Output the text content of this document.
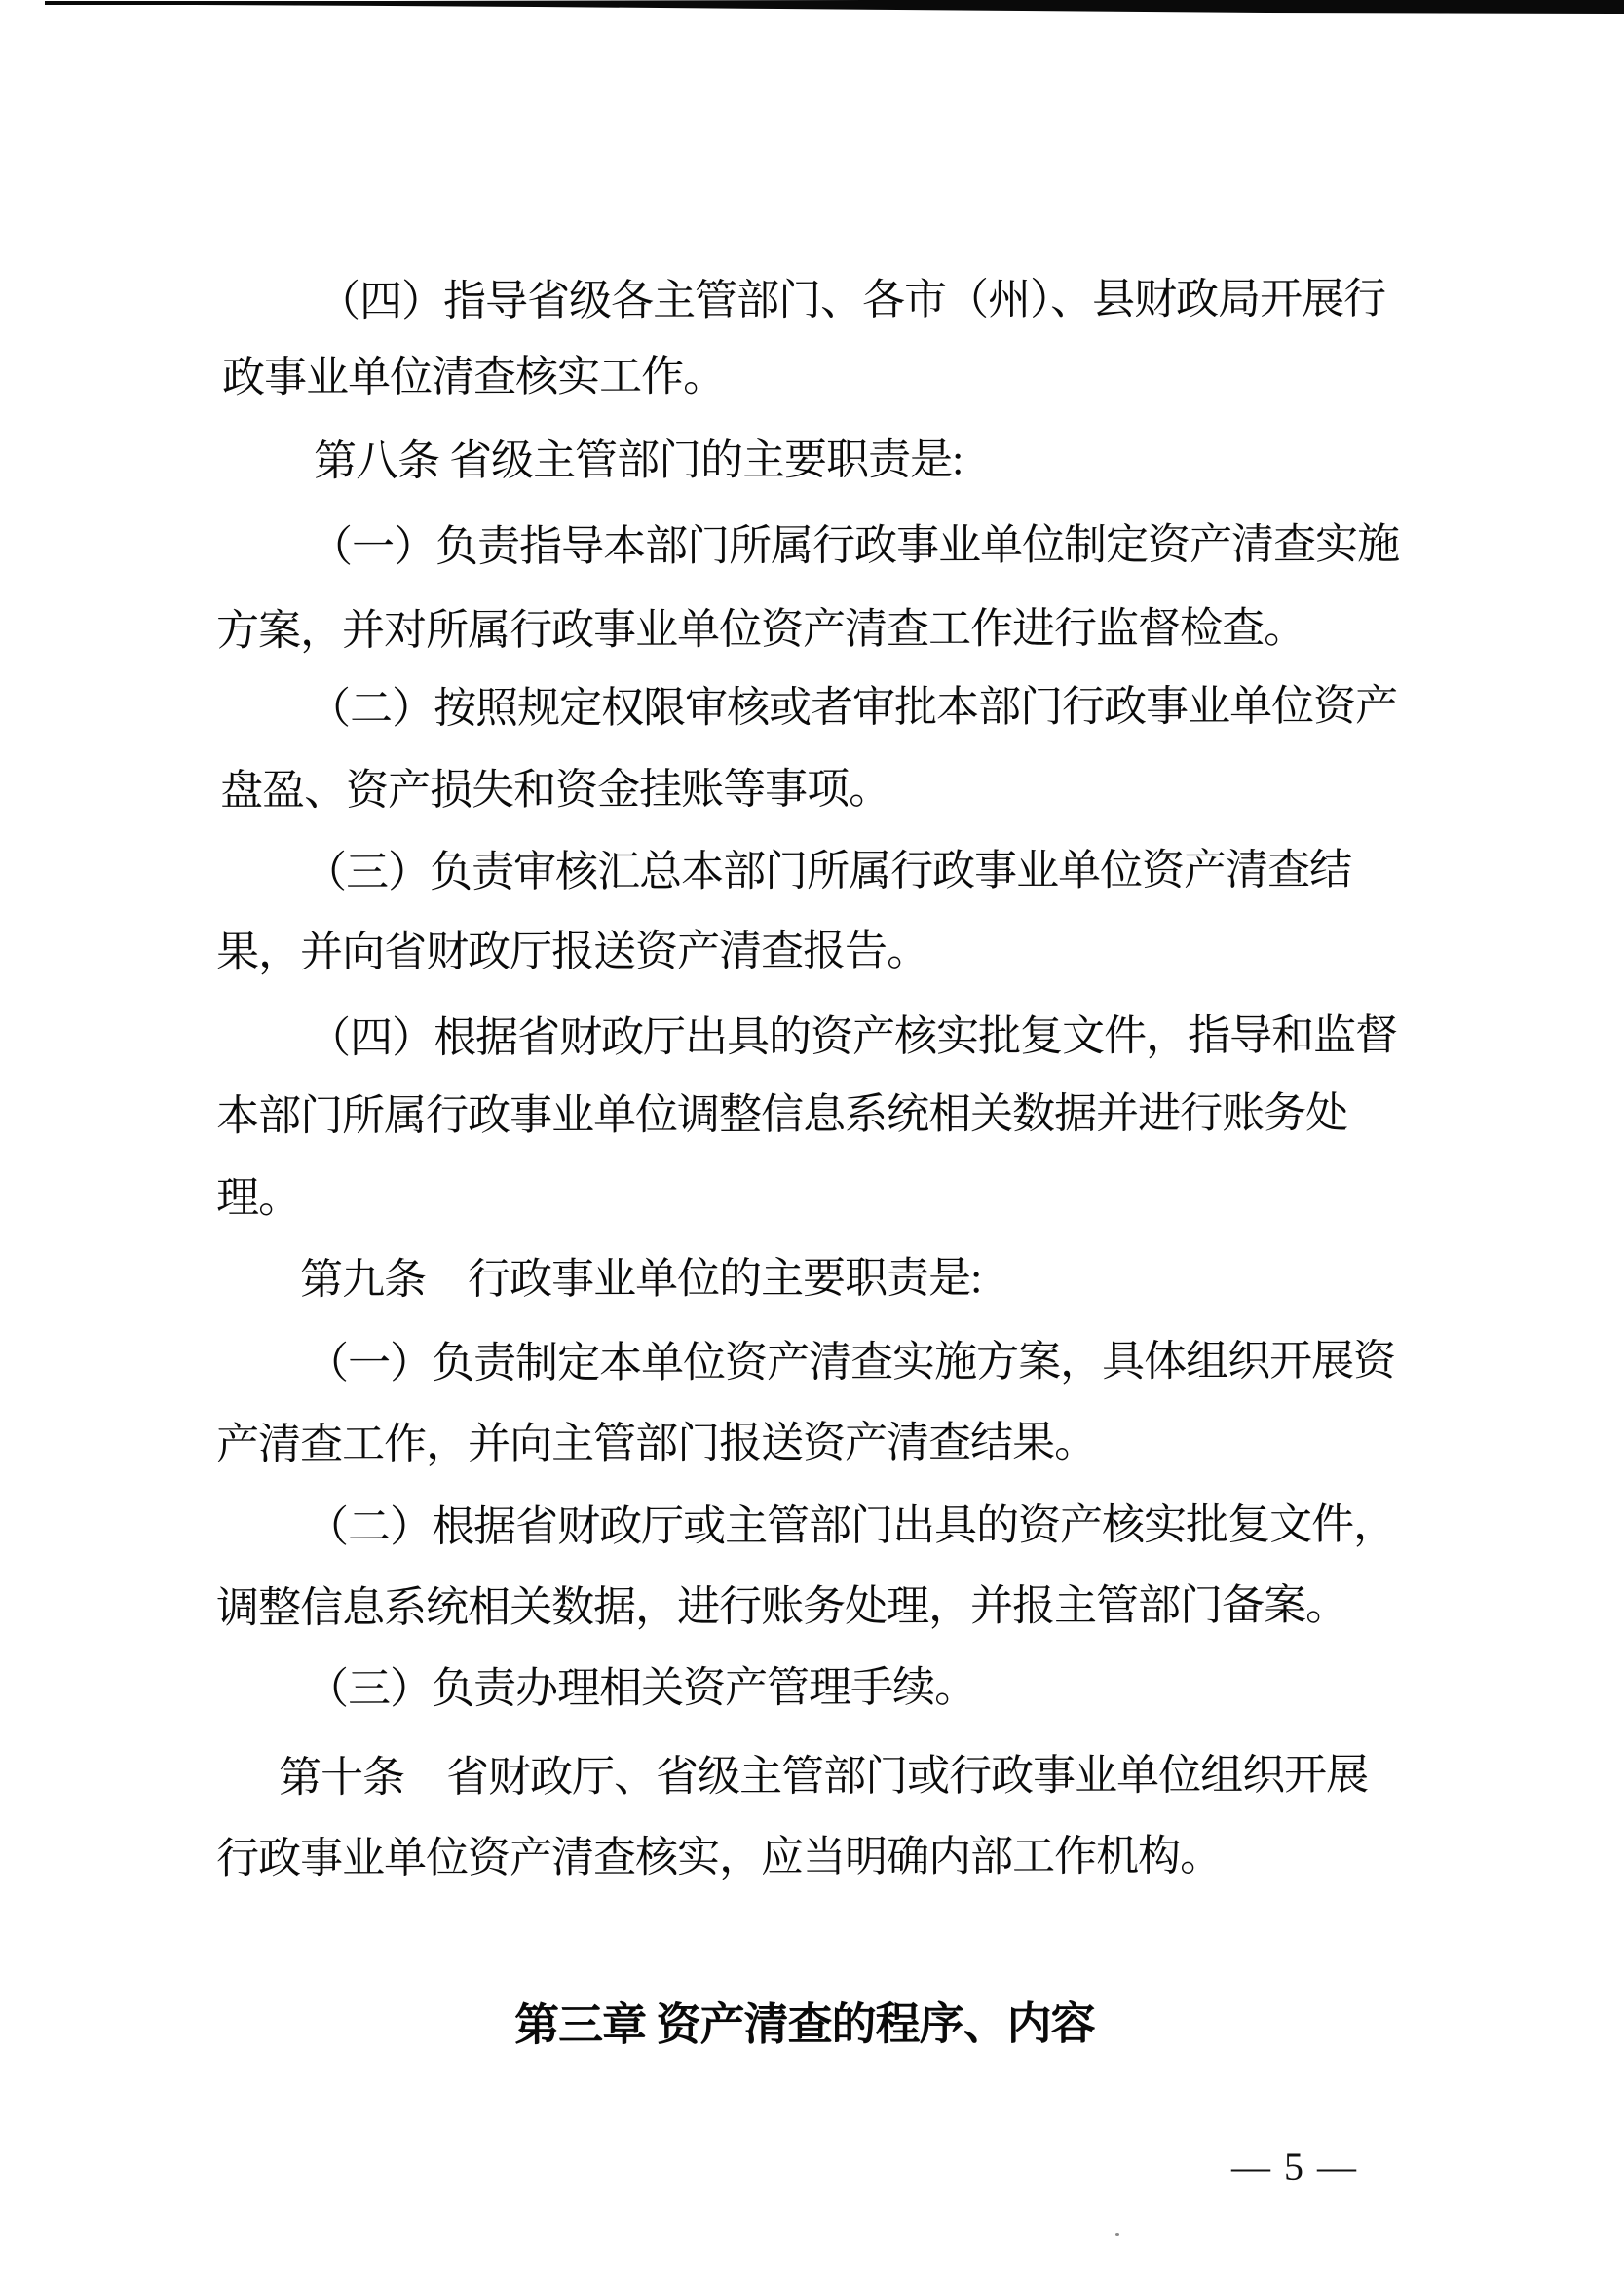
（四）指导省级各主管部门、各市（州）、县财政局开展行
政事业单位清查核实工作。
第八条 省级主管部门的主要职责是:
（一）负责指导本部门所属行政事业单位制定资产清查实施
方案，并对所属行政事业单位资产清查工作进行监督检查。
（二）按照规定权限审核或者审批本部门行政事业单位资产
盘盈、资产损失和资金挂账等事项。
（三）负责审核汇总本部门所属行政事业单位资产清查结
果，并向省财政厅报送资产清查报告。
（四）根据省财政厅出具的资产核实批复文件，指导和监督
本部门所属行政事业单位调整信息系统相关数据并进行账务处
理。
第九条　行政事业单位的主要职责是:
（一）负责制定本单位资产清查实施方案，具体组织开展资
产清查工作，并向主管部门报送资产清查结果。
（二）根据省财政厅或主管部门出具的资产核实批复文件，
调整信息系统相关数据，进行账务处理，并报主管部门备案。
（三）负责办理相关资产管理手续。
第十条　省财政厅、省级主管部门或行政事业单位组织开展
行政事业单位资产清查核实，应当明确内部工作机构。
第三章 资产清查的程序、内容
— 5 —
